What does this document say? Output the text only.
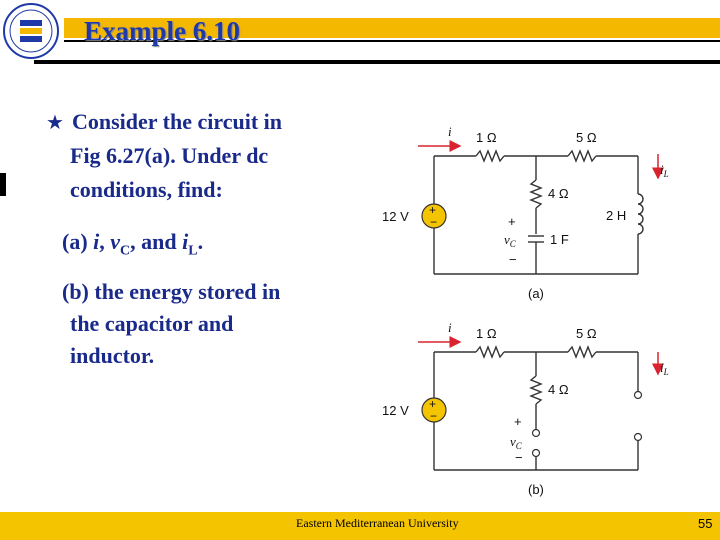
Example 6.10
★ Consider the circuit in
Fig 6.27(a). Under dc
conditions, find:
(a) i, $v_C$, and $i_L$.
(b) the energy stored in
the capacitor and
inductor.
+
−
i 1 Ω	5 Ω
4 Ω
12 V	2 H
1 F
$i_L$
+
$v_C$
−
(a)
+
−
i 1 Ω	5 Ω
4 Ω
12 V
$i_L$
+
$v_C$
−
(b)
Eastern Mediterranean University	55
